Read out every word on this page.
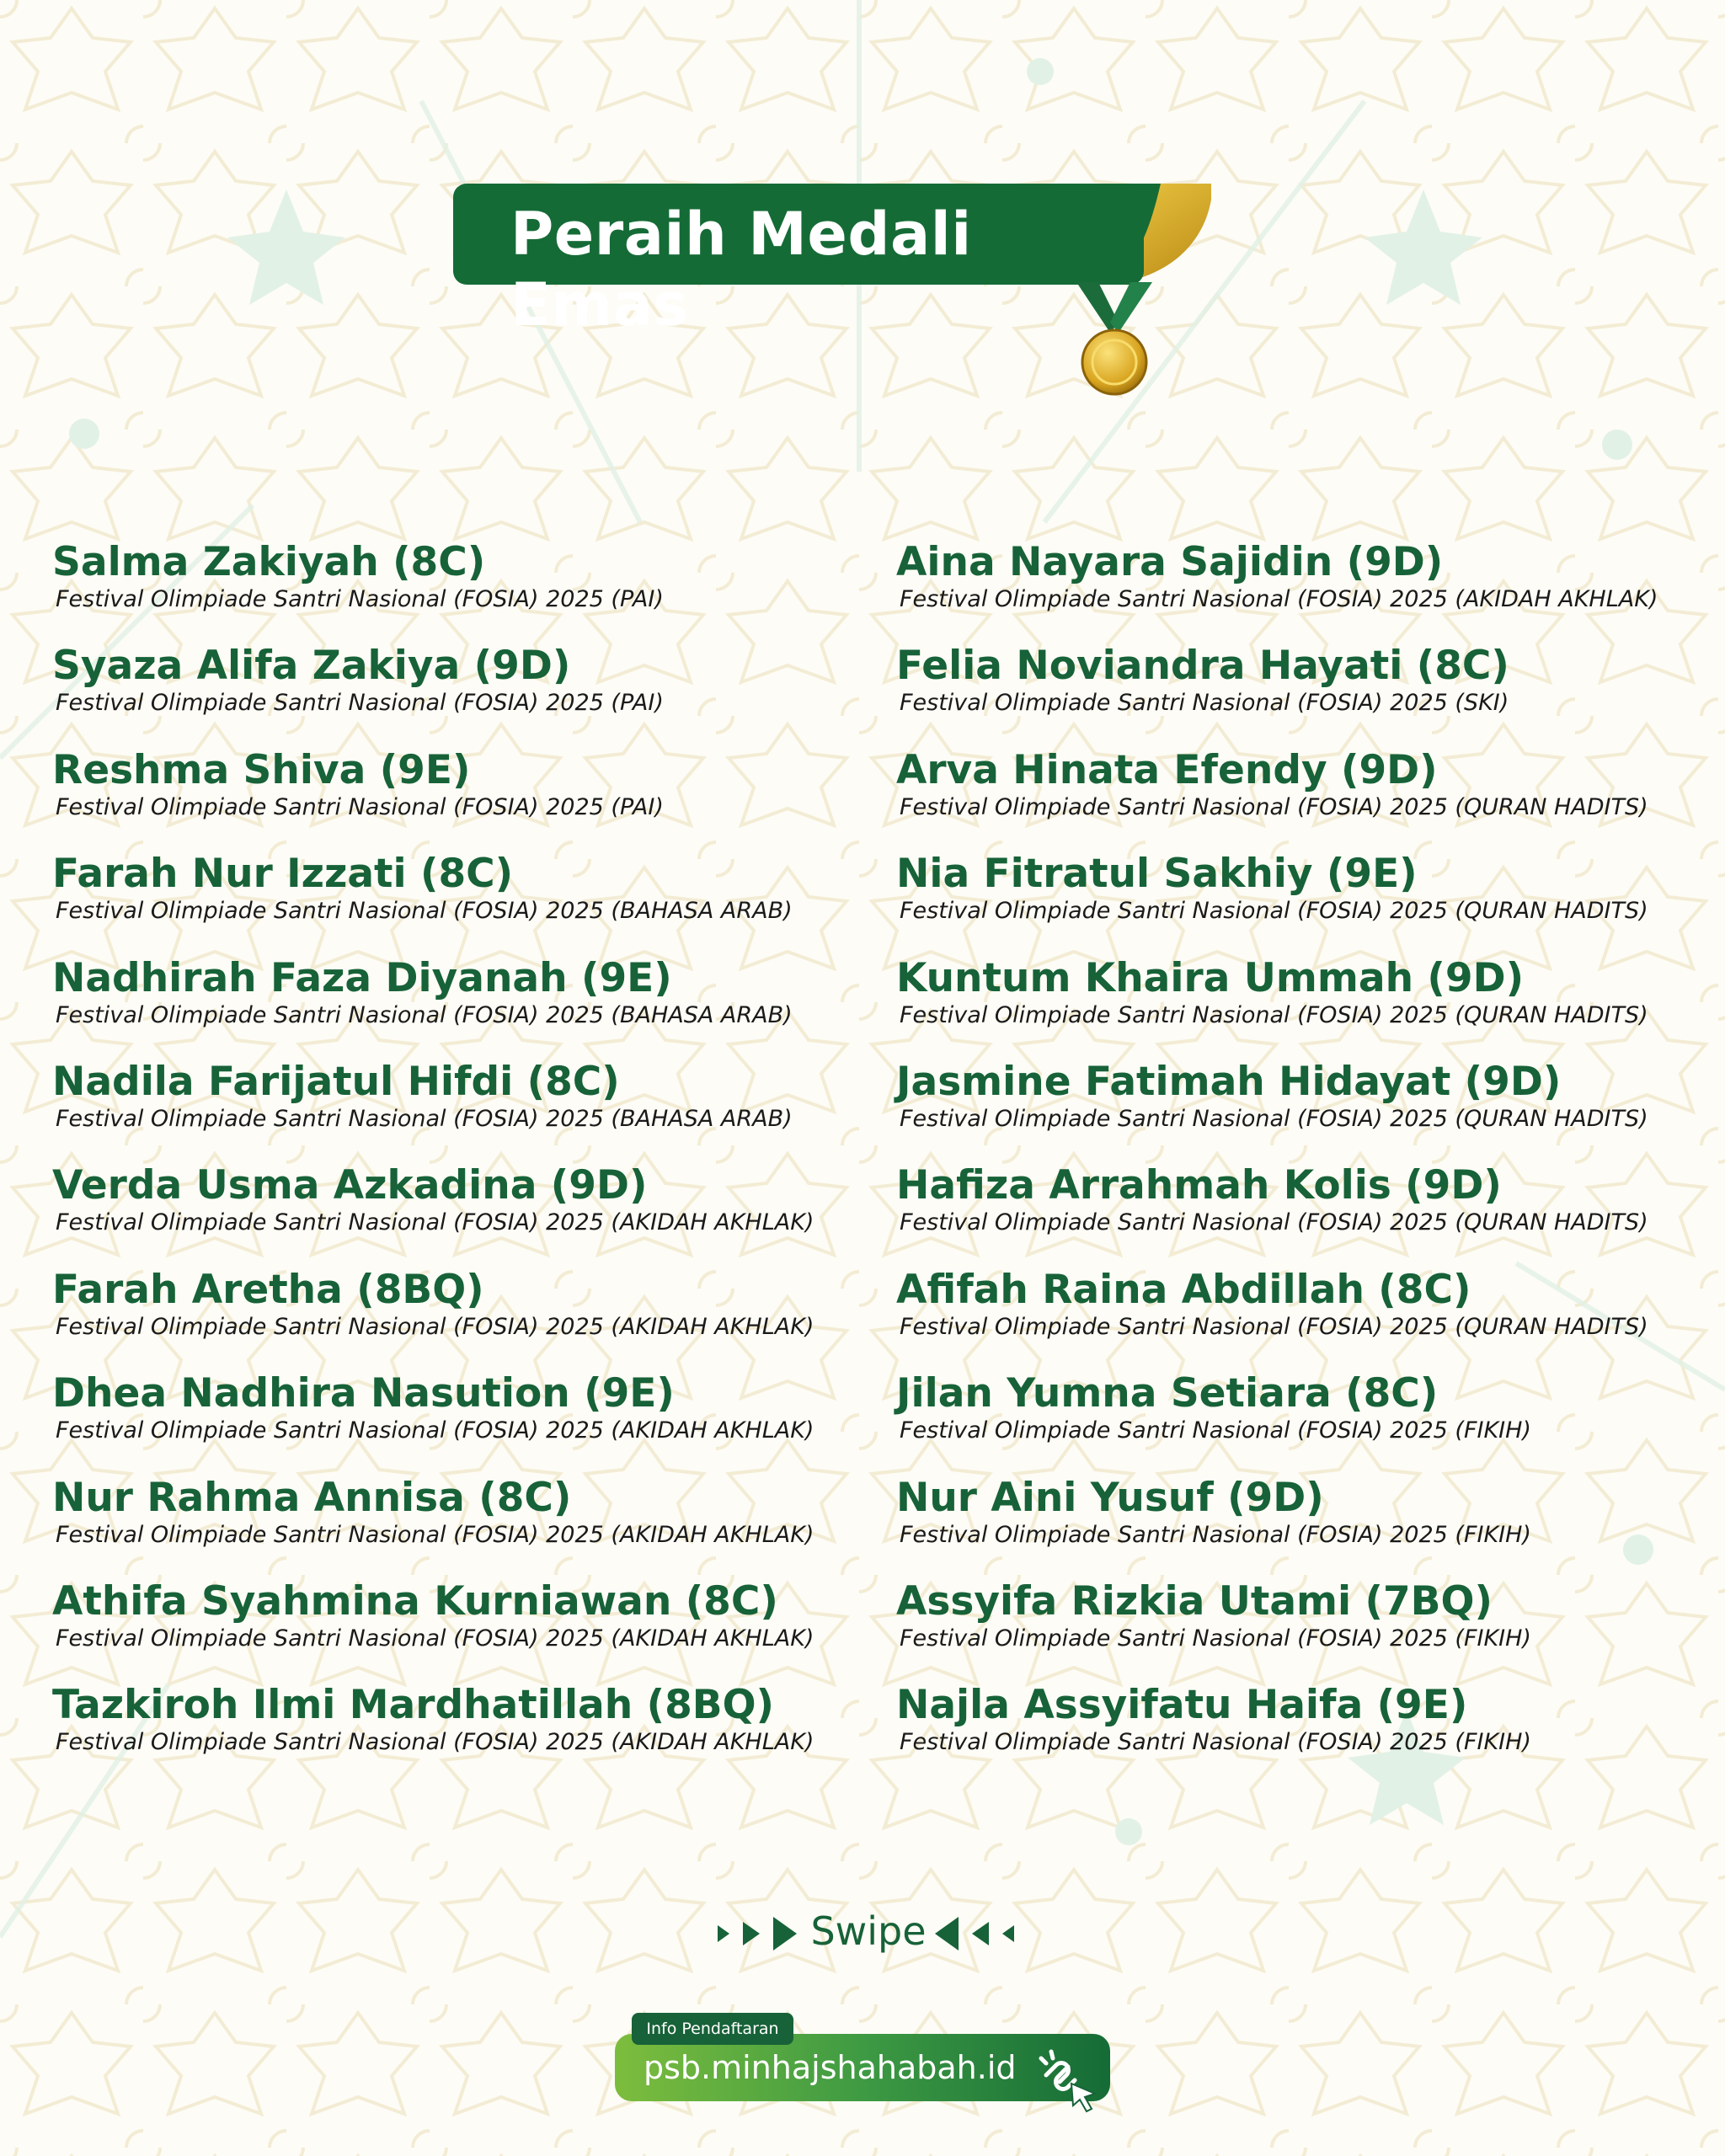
Peraih Medali Emas
Salma Zakiyah (8C)
Festival Olimpiade Santri Nasional (FOSIA) 2025 (PAI)
Syaza Alifa Zakiya (9D)
Festival Olimpiade Santri Nasional (FOSIA) 2025 (PAI)
Reshma Shiva (9E)
Festival Olimpiade Santri Nasional (FOSIA) 2025 (PAI)
Farah Nur Izzati (8C)
Festival Olimpiade Santri Nasional (FOSIA) 2025 (BAHASA ARAB)
Nadhirah Faza Diyanah (9E)
Festival Olimpiade Santri Nasional (FOSIA) 2025 (BAHASA ARAB)
Nadila Farijatul Hifdi (8C)
Festival Olimpiade Santri Nasional (FOSIA) 2025 (BAHASA ARAB)
Verda Usma Azkadina (9D)
Festival Olimpiade Santri Nasional (FOSIA) 2025 (AKIDAH AKHLAK)
Farah Aretha (8BQ)
Festival Olimpiade Santri Nasional (FOSIA) 2025 (AKIDAH AKHLAK)
Dhea Nadhira Nasution (9E)
Festival Olimpiade Santri Nasional (FOSIA) 2025 (AKIDAH AKHLAK)
Nur Rahma Annisa (8C)
Festival Olimpiade Santri Nasional (FOSIA) 2025 (AKIDAH AKHLAK)
Athifa Syahmina Kurniawan (8C)
Festival Olimpiade Santri Nasional (FOSIA) 2025 (AKIDAH AKHLAK)
Tazkiroh Ilmi Mardhatillah (8BQ)
Festival Olimpiade Santri Nasional (FOSIA) 2025 (AKIDAH AKHLAK)
Aina Nayara Sajidin (9D)
Festival Olimpiade Santri Nasional (FOSIA) 2025 (AKIDAH AKHLAK)
Felia Noviandra Hayati (8C)
Festival Olimpiade Santri Nasional (FOSIA) 2025 (SKI)
Arva Hinata Efendy (9D)
Festival Olimpiade Santri Nasional (FOSIA) 2025 (QURAN HADITS)
Nia Fitratul Sakhiy (9E)
Festival Olimpiade Santri Nasional (FOSIA) 2025 (QURAN HADITS)
Kuntum Khaira Ummah (9D)
Festival Olimpiade Santri Nasional (FOSIA) 2025 (QURAN HADITS)
Jasmine Fatimah Hidayat (9D)
Festival Olimpiade Santri Nasional (FOSIA) 2025 (QURAN HADITS)
Hafiza Arrahmah Kolis (9D)
Festival Olimpiade Santri Nasional (FOSIA) 2025 (QURAN HADITS)
Afifah Raina Abdillah (8C)
Festival Olimpiade Santri Nasional (FOSIA) 2025 (QURAN HADITS)
Jilan Yumna Setiara (8C)
Festival Olimpiade Santri Nasional (FOSIA) 2025 (FIKIH)
Nur Aini Yusuf (9D)
Festival Olimpiade Santri Nasional (FOSIA) 2025 (FIKIH)
Assyifa Rizkia Utami (7BQ)
Festival Olimpiade Santri Nasional (FOSIA) 2025 (FIKIH)
Najla Assyifatu Haifa (9E)
Festival Olimpiade Santri Nasional (FOSIA) 2025 (FIKIH)
Swipe
psb.minhajshahabah.id
Info Pendaftaran
